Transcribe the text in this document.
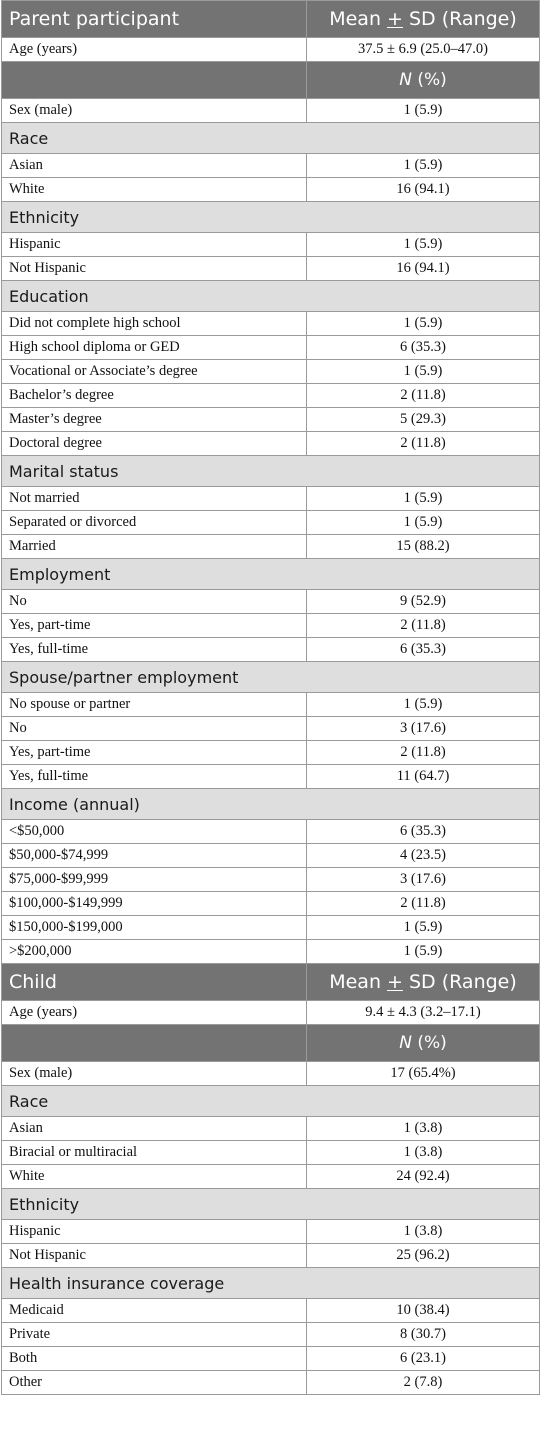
Parent participant	Mean + SD (Range)
Age (years)	37.5 ± 6.9 (25.0–47.0)
	N (%)
Sex (male)	1 (5.9)
Race	
Asian	1 (5.9)
White	16 (94.1)
Ethnicity	
Hispanic	1 (5.9)
Not Hispanic	16 (94.1)
Education	
Did not complete high school	1 (5.9)
High school diploma or GED	6 (35.3)
Vocational or Associate’s degree	1 (5.9)
Bachelor’s degree	2 (11.8)
Master’s degree	5 (29.3)
Doctoral degree	2 (11.8)
Marital status	
Not married	1 (5.9)
Separated or divorced	1 (5.9)
Married	15 (88.2)
Employment	
No	9 (52.9)
Yes, part-time	2 (11.8)
Yes, full-time	6 (35.3)
Spouse/partner employment	
No spouse or partner	1 (5.9)
No	3 (17.6)
Yes, part-time	2 (11.8)
Yes, full-time	11 (64.7)
Income (annual)	
<$50,000	6 (35.3)
$50,000-$74,999	4 (23.5)
$75,000-$99,999	3 (17.6)
$100,000-$149,999	2 (11.8)
$150,000-$199,000	1 (5.9)
>$200,000	1 (5.9)
Child	Mean + SD (Range)
Age (years)	9.4 ± 4.3 (3.2–17.1)
	N (%)
Sex (male)	17 (65.4%)
Race	
Asian	1 (3.8)
Biracial or multiracial	1 (3.8)
White	24 (92.4)
Ethnicity	
Hispanic	1 (3.8)
Not Hispanic	25 (96.2)
Health insurance coverage	
Medicaid	10 (38.4)
Private	8 (30.7)
Both	6 (23.1)
Other	2 (7.8)
